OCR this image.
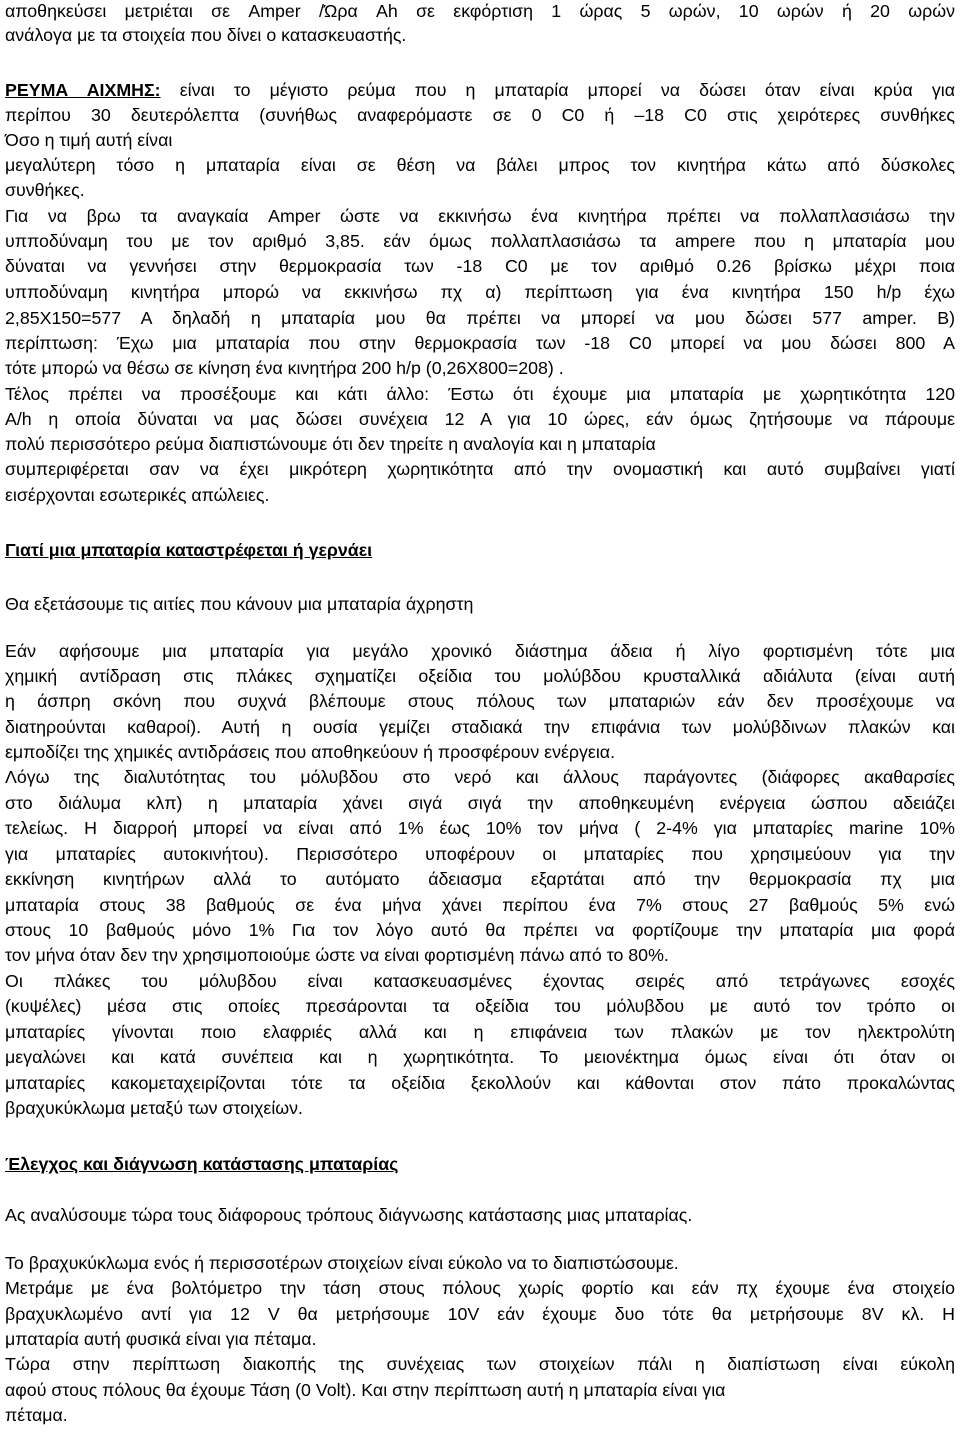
αποθηκεύσει μετριέται σε Amper /Ώρα Ah σε εκφόρτιση 1 ώρας 5 ωρών, 10 ωρών ή 20 ωρών
ανάλογα με τα στοιχεία που δίνει ο κατασκευαστής.
ΡΕΥΜΑ ΑΙΧΜΗΣ: είναι το μέγιστο ρεύμα που η μπαταρία μπορεί να δώσει όταν είναι κρύα για
περίπου 30 δευτερόλεπτα (συνήθως αναφερόμαστε σε 0 C0 ή –18 C0 στις χειρότερες συνθήκες
Όσο η τιμή αυτή είναι
μεγαλύτερη τόσο η μπαταρία είναι σε θέση να βάλει μπρος τον κινητήρα κάτω από δύσκολες
συνθήκες.
Για να βρω τα αναγκαία Amper ώστε να εκκινήσω ένα κινητήρα πρέπει να πολλαπλασιάσω την
υπποδύναμη του με τον αριθμό 3,85. εάν όμως πολλαπλασιάσω τα ampere που η μπαταρία μου
δύναται να γεννήσει στην θερμοκρασία των -18 C0 με τον αριθμό 0.26 βρίσκω μέχρι ποια
υπποδύναμη κινητήρα μπορώ να εκκινήσω πχ α) περίπτωση για ένα κινητήρα 150 h/p έχω
2,85Χ150=577 Α δηλαδή η μπαταρία μου θα πρέπει να μπορεί να μου δώσει 577 amper. Β)
περίπτωση: Έχω μια μπαταρία που στην θερμοκρασία των -18 C0 μπορεί να μου δώσει 800 Α
τότε μπορώ να θέσω σε κίνηση ένα κινητήρα 200 h/p (0,26Χ800=208) .
Τέλος πρέπει να προσέξουμε και κάτι άλλο: Έστω ότι έχουμε μια μπαταρία με χωρητικότητα 120
A/h η οποία δύναται να μας δώσει συνέχεια 12 Α για 10 ώρες, εάν όμως ζητήσουμε να πάρουμε
πολύ περισσότερο ρεύμα διαπιστώνουμε ότι δεν τηρείτε η αναλογία και η μπαταρία
συμπεριφέρεται σαν να έχει μικρότερη χωρητικότητα από την ονομαστική και αυτό συμβαίνει γιατί
εισέρχονται εσωτερικές απώλειες.
Γιατί μια μπαταρία καταστρέφεται ή γερνάει
Θα εξετάσουμε τις αιτίες που κάνουν μια μπαταρία άχρηστη
Εάν αφήσουμε μια μπαταρία για μεγάλο χρονικό διάστημα άδεια ή λίγο φορτισμένη τότε μια
χημική αντίδραση στις πλάκες σχηματίζει οξείδια του μολύβδου κρυσταλλικά αδιάλυτα (είναι αυτή
η άσπρη σκόνη που συχνά βλέπουμε στους πόλους των μπαταριών εάν δεν προσέχουμε να
διατηρούνται καθαροί). Αυτή η ουσία γεμίζει σταδιακά την επιφάνια των μολύβδινων πλακών και
εμποδίζει της χημικές αντιδράσεις που αποθηκεύουν ή προσφέρουν ενέργεια.
Λόγω της διαλυτότητας του μόλυβδου στο νερό και άλλους παράγοντες (διάφορες ακαθαρσίες
στο διάλυμα κλπ) η μπαταρία χάνει σιγά σιγά την αποθηκευμένη ενέργεια ώσπου αδειάζει
τελείως. Η διαρροή μπορεί να είναι από 1% έως 10% τον μήνα ( 2-4% για μπαταρίες marine 10%
για μπαταρίες αυτοκινήτου). Περισσότερο υποφέρουν οι μπαταρίες που χρησιμεύουν για την
εκκίνηση κινητήρων αλλά το αυτόματο άδειασμα εξαρτάται από την θερμοκρασία πχ μια
μπαταρία στους 38 βαθμούς σε ένα μήνα χάνει περίπου ένα 7% στους 27 βαθμούς 5% ενώ
στους 10 βαθμούς μόνο 1% Για τον λόγο αυτό θα πρέπει να φορτίζουμε την μπαταρία μια φορά
τον μήνα όταν δεν την χρησιμοποιούμε ώστε να είναι φορτισμένη πάνω από το 80%.
Οι πλάκες του μόλυβδου είναι κατασκευασμένες έχοντας σειρές από τετράγωνες εσοχές
(κυψέλες) μέσα στις οποίες πρεσάρονται τα οξείδια του μόλυβδου με αυτό τον τρόπο οι
μπαταρίες γίνονται ποιο ελαφριές αλλά και η επιφάνεια των πλακών με τον ηλεκτρολύτη
μεγαλώνει και κατά συνέπεια και η χωρητικότητα. Το μειονέκτημα όμως είναι ότι όταν οι
μπαταρίες κακομεταχειρίζονται τότε τα οξείδια ξεκολλούν και κάθονται στον πάτο προκαλώντας
βραχυκύκλωμα μεταξύ των στοιχείων.
Έλεγχος και διάγνωση κατάστασης μπαταρίας
Ας αναλύσουμε τώρα τους διάφορους τρόπους διάγνωσης κατάστασης μιας μπαταρίας.
Το βραχυκύκλωμα ενός ή περισσοτέρων στοιχείων είναι εύκολο να το διαπιστώσουμε.
Μετράμε με ένα βολτόμετρο την τάση στους πόλους χωρίς φορτίο και εάν πχ έχουμε ένα στοιχείο
βραχυκλωμένο αντί για 12 V θα μετρήσουμε 10V εάν έχουμε δυο τότε θα μετρήσουμε 8V κλ. Η
μπαταρία αυτή φυσικά είναι για πέταμα.
Τώρα στην περίπτωση διακοπής της συνέχειας των στοιχείων πάλι η διαπίστωση είναι εύκολη
αφού στους πόλους θα έχουμε Τάση (0 Volt). Και στην περίπτωση αυτή η μπαταρία είναι για
πέταμα.
